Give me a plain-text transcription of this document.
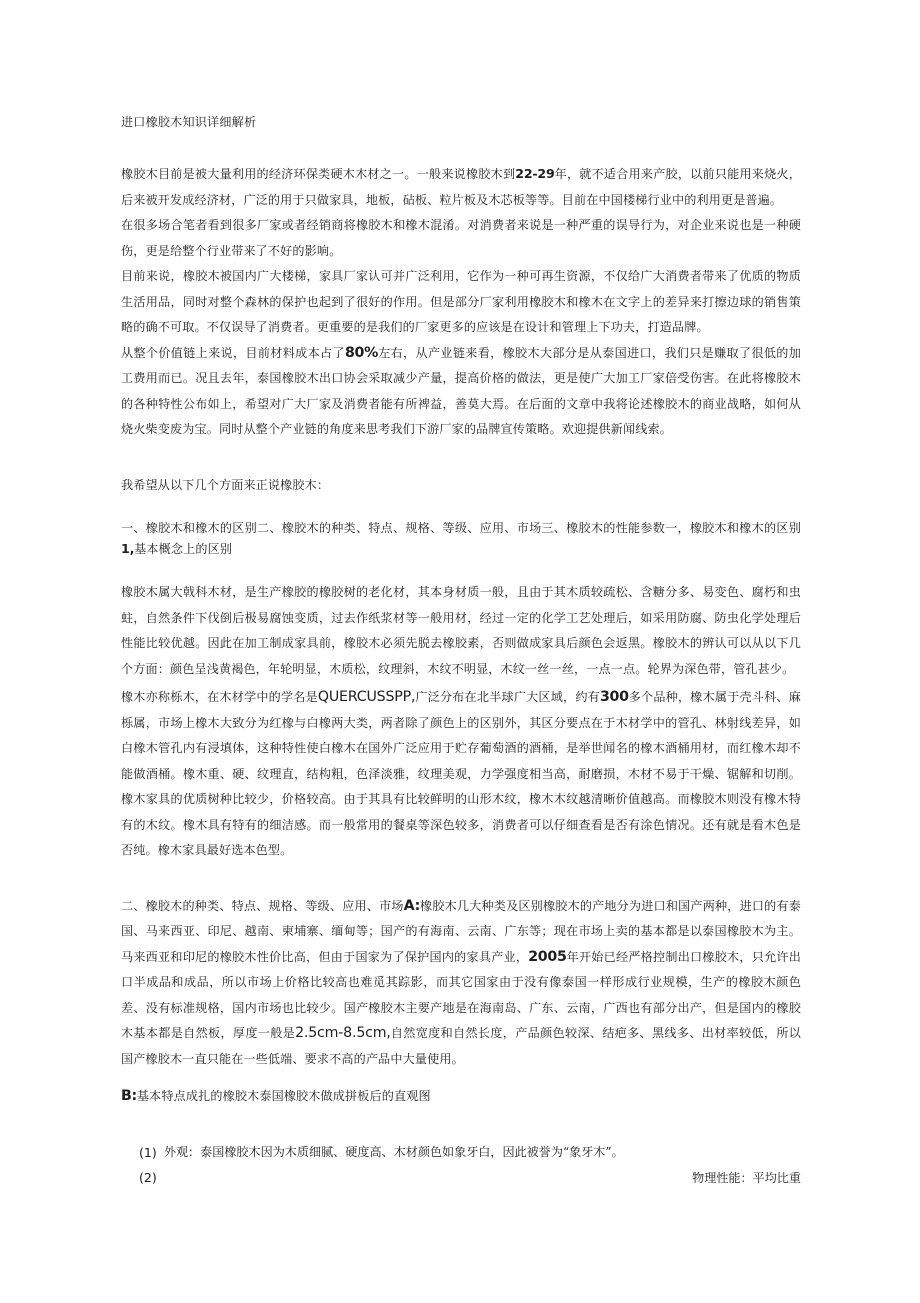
进口橡胶木知识详细解析

橡胶木目前是被大量利用的经济环保类硬木木材之一。一般来说橡胶木到22-29年，就不适合用来产胶，以前只能用来烧火，后来被开发成经济材，广泛的用于只做家具，地板，砧板、粒片板及木芯板等等。目前在中国楼梯行业中的利用更是普遍。

在很多场合笔者看到很多厂家或者经销商将橡胶木和橡木混淆。对消费者来说是一种严重的误导行为，对企业来说也是一种硬伤，更是给整个行业带来了不好的影响。

目前来说，橡胶木被国内广大楼梯，家具厂家认可并广泛利用，它作为一种可再生资源，不仅给广大消费者带来了优质的物质生活用品，同时对整个森林的保护也起到了很好的作用。但是部分厂家利用橡胶木和橡木在文字上的差异来打擦边球的销售策略的确不可取。不仅误导了消费者。更重要的是我们的厂家更多的应该是在设计和管理上下功夫，打造品牌。

从整个价值链上来说，目前材料成本占了80%左右，从产业链来看，橡胶木大部分是从泰国进口，我们只是赚取了很低的加工费用而已。况且去年，泰国橡胶木出口协会采取减少产量，提高价格的做法，更是使广大加工厂家倍受伤害。在此将橡胶木的各种特性公布如上，希望对广大厂家及消费者能有所裨益，善莫大焉。在后面的文章中我将论述橡胶木的商业战略，如何从烧火柴变废为宝。同时从整个产业链的角度来思考我们下游厂家的品牌宣传策略。欢迎提供新闻线索。

我希望从以下几个方面来正说橡胶木：

一、橡胶木和橡木的区别二、橡胶木的种类、特点、规格、等级、应用、市场三、橡胶木的性能参数一，橡胶木和橡木的区别1,基本概念上的区别

橡胶木属大戟科木材，是生产橡胶的橡胶树的老化材，其本身材质一般，且由于其木质较疏松、含糖分多、易变色、腐朽和虫蛀，自然条件下伐倒后极易腐蚀变质，过去作纸浆材等一般用材，经过一定的化学工艺处理后，如采用防腐、防虫化学处理后性能比较优越。因此在加工制成家具前，橡胶木必须先脱去橡胶素，否则做成家具后颜色会返黑。橡胶木的辨认可以从以下几个方面：颜色呈浅黄褐色，年轮明显，木质松，纹理斜，木纹不明显，木纹一丝一丝，一点一点。轮界为深色带，管孔甚少。

橡木亦称栎木，在木材学中的学名是QUERCUSSPP,广泛分布在北半球广大区域，约有300多个品种，橡木属于壳斗科、麻栎属，市场上橡木大致分为红橡与白橡两大类，两者除了颜色上的区别外，其区分要点在于木材学中的管孔、林射线差异，如白橡木管孔内有浸填体，这种特性使白橡木在国外广泛应用于贮存葡萄酒的酒桶，是举世闻名的橡木酒桶用材，而红橡木却不能做酒桶。橡木重、硬、纹理直，结构粗，色泽淡雅，纹理美观，力学强度相当高，耐磨损，木材不易于干燥、锯解和切削。橡木家具的优质树种比较少，价格较高。由于其具有比较鲜明的山形木纹，橡木木纹越清晰价值越高。而橡胶木则没有橡木特有的木纹。橡木具有特有的细洁感。而一般常用的餐桌等深色较多，消费者可以仔细查看是否有涂色情况。还有就是看木色是否纯。橡木家具最好选本色型。

二、橡胶木的种类、特点、规格、等级、应用、市场A:橡胶木几大种类及区别橡胶木的产地分为进口和国产两种，进口的有泰国、马来西亚、印尼、越南、柬埔寨、缅甸等；国产的有海南、云南、广东等；现在市场上卖的基本都是以泰国橡胶木为主。马来西亚和印尼的橡胶木性价比高，但由于国家为了保护国内的家具产业，2005年开始已经严格控制出口橡胶木，只允许出口半成品和成品，所以市场上价格比较高也难觅其踪影，而其它国家由于没有像泰国一样形成行业规模，生产的橡胶木颜色差、没有标准规格，国内市场也比较少。国产橡胶木主要产地是在海南岛、广东、云南，广西也有部分出产，但是国内的橡胶木基本都是自然板，厚度一般是2.5cm-8.5cm,自然宽度和自然长度，产品颜色较深、结疤多、黑线多、出材率较低，所以国产橡胶木一直只能在一些低端、要求不高的产品中大量使用。

B:基本特点成扎的橡胶木泰国橡胶木做成拼板后的直观图

(1) 外观：泰国橡胶木因为木质细腻、硬度高、木材颜色如象牙白，因此被誉为“象牙木”。
(2)	物理性能：平均比重
